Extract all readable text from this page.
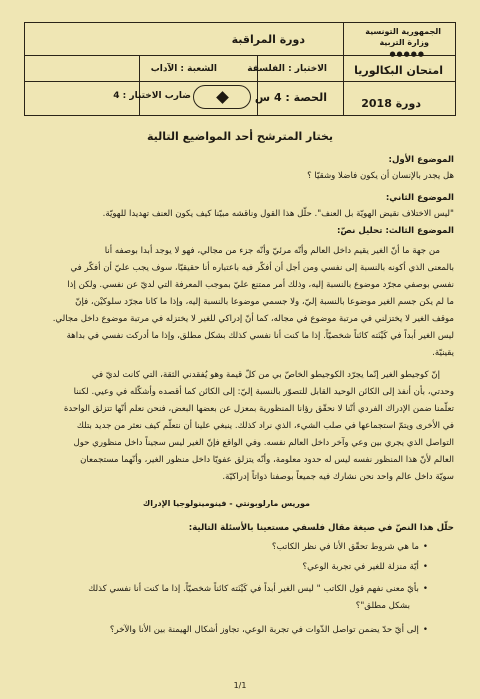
الجمهورية التونسية
وزارة التربية
●●●●●
امتحان البكالوريا
دورة 2018
دورة المراقبة
الاختبار : الفلسفة
الشعبة : الآداب
الحصة : 4 س
ضارب الاختبار : 4
يختار المترشح أحد المواضيع التالية
الموضوع الأول:
هل يجدر بالإنسان أن يكون فاضلا وشقيّا ؟
الموضوع الثاني:
"ليس الاختلاف نقيض الهويّة بل العنف". حلّل هذا القول وناقشه مبيّنا كيف يكون العنف تهديدا للهويّة.
الموضوع الثالث: تحليل نصّ:
من جهة ما أنّ الغير يقيم داخل العالم وأنّه مرئيّ وأنّه جزء من مجالي، فهو لا يوجد أبدا بوصفه أنا
بالمعنى الذي أكونه بالنسبة إلى نفسي ومن أجل أن أفكّر فيه باعتباره أنا حقيقيّا، سوف يجب عليّ أن أفكّر في
نفسي بوصفي مجرّد موضوع بالنسبة إليه، وذلك أمر ممتنع عليّ بموجب المعرفة التي لديّ عن نفسي. ولكن إذا
ما لم يكن جسم الغير موضوعا بالنسبة إليّ، ولا جسمي موضوعا بالنسبة إليه، وإذا ما كانا مجرّد سلوكيْن، فإنّ
موقف الغير لا يختزلني في مرتبة موضوع في مجاله، كما أنّ إدراكي للغير لا يختزله في مرتبة موضوع داخل مجالي.
ليس الغير أبداً في كَيْنَته كائناً شخصيّاً. إذا ما كنت أنا نفسي كذلك بشكل مطلق، وإذا ما أدركت نفسي في بداهة
يقينيّة.
إنّ كوجيطو الغير إنّما يجرّد الكوجيطو الخاصّ بي من كلّ قيمة وهو يُفقدني الثقة، التي كانت لديّ في
وحدتي، بأن أنفذ إلى الكائن الوحيد القابل للتصوّر بالنسبة إليّ: إلى الكائن كما أقصده وأشكّله في وعيي. لكننا
تعلّمنا ضمن الإدراك الفردي أنّنا لا نحقّق رؤانا المنظورية بمعزل عن بعضها البعض، فنحن نعلم أنّها تتزلق الواحدة
في الأخرى ويتمّ استجماعها في صلب الشيء، الذي نراد كذلك. ينبغي علينا أن نتعلّم كيف نعثر من جديد بتلك
التواصل الذي يجري بين وعي وآخر داخل العالم نفسه. وفي الواقع فإنّ الغير ليس سجيناً داخل منظوري حول
العالم لأنّ هذا المنظور نفسه ليس له حدود معلومة، وأنّه يتزلق عفويّا داخل منظور الغير، وأنّهما مستجمعان
سويّة داخل عالم واحد نحن نشارك فيه جميعاً بوصفنا ذواتاً إدراكيّة.
موريس مارلوبونتي - فينومينولوجيا الإدراك
حلّل هذا النصّ في صيغة مقال فلسفي مستعينا بالأسئلة التالية:
•ما هي شروط تحقّق الأنا في نظر الكاتب؟
•أيّة منزلة للغير في تجربة الوعي؟
•بأيّ معنى نفهم قول الكاتب " ليس الغير أبداً في كَيْنَته كائناً شخصيّاً. إذا ما كنت أنا نفسي كذلك
بشكل مطلق"؟
•إلى أيّ حدّ يضمن تواصل الذّوات في تجربة الوعي، تجاوز أشكال الهيمنة بين الأنا والآخر؟
1/1
